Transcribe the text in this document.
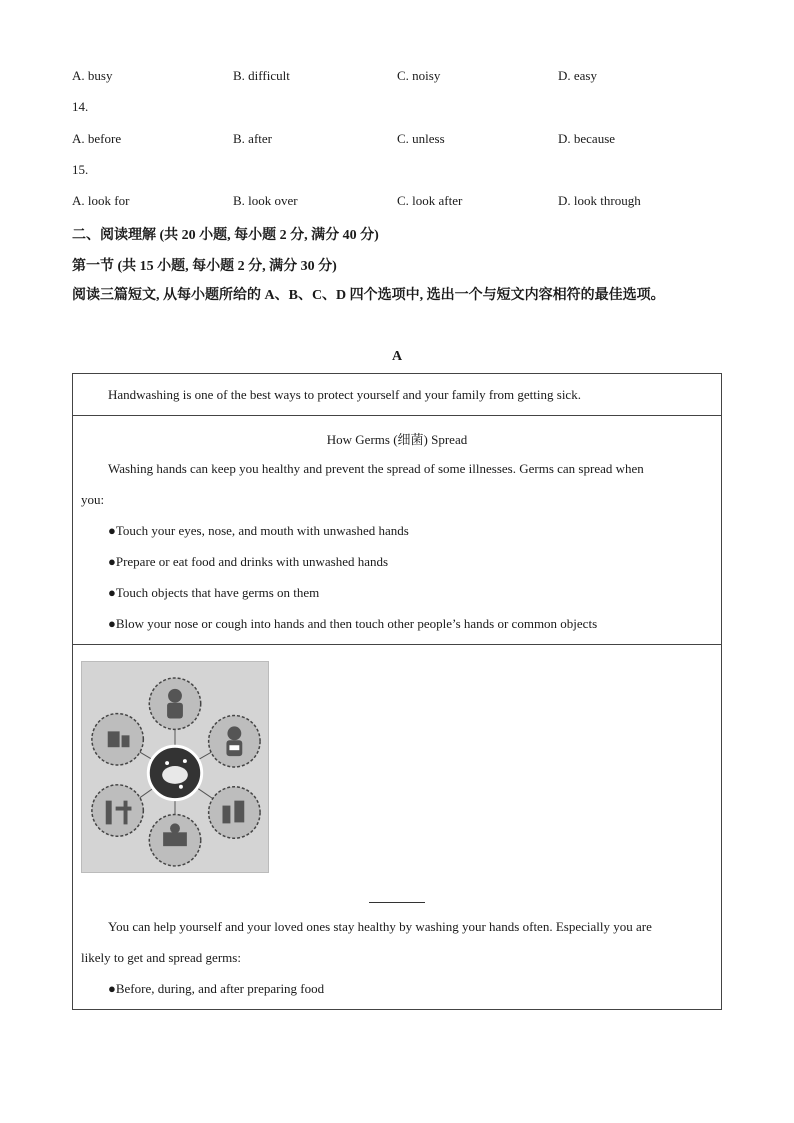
A. busy	B. difficult	C. noisy	D. easy
14.
A. before	B. after	C. unless	D. because
15.
A. look for	B. look over	C. look after	D. look through
二、阅读理解 (共 20 小题, 每小题 2 分, 满分 40 分)
第一节 (共 15 小题, 每小题 2 分, 满分 30 分)
阅读三篇短文, 从每小题所给的 A、B、C、D 四个选项中, 选出一个与短文内容相符的最佳选项。
A
Handwashing is one of the best ways to protect yourself and your family from getting sick.
How Germs (细菌) Spread
Washing hands can keep you healthy and prevent the spread of some illnesses. Germs can spread when
you:
●Touch your eyes, nose, and mouth with unwashed hands
●Prepare or eat food and drinks with unwashed hands
●Touch objects that have germs on them
●Blow your nose or cough into hands and then touch other people’s hands or common objects
You can help yourself and your loved ones stay healthy by washing your hands often. Especially you are
likely to get and spread germs:
●Before, during, and after preparing food
